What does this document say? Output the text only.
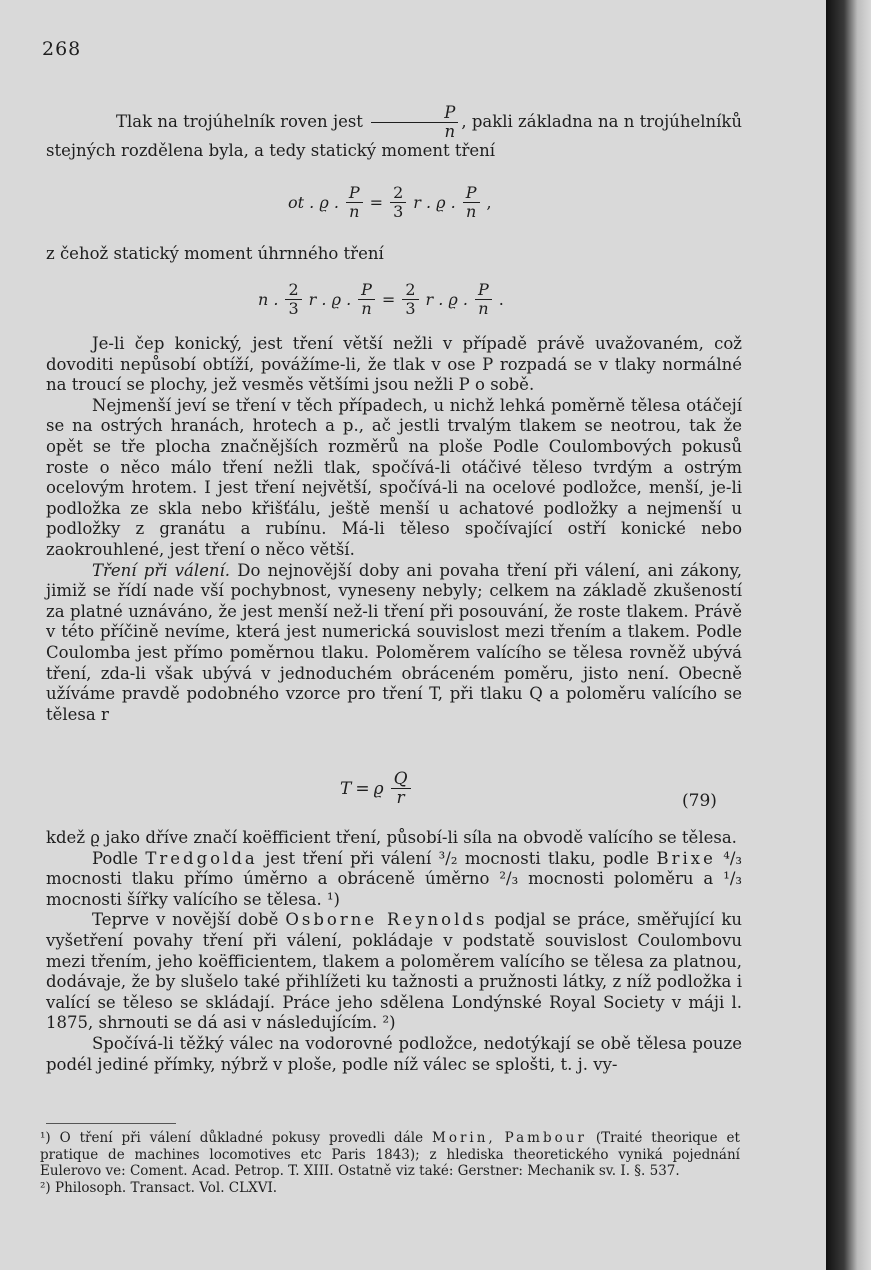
268

Tlak na trojúhelník roven jest $\frac{P}{n}$ , pakli základna na n trojúhelníků stejných rozdělena byla, a tedy statický moment tření

ot . ϱ . $\frac{P}{n} = \frac{2}{3}$ r . ϱ . $\frac{P}{n}$ ,

z čehož statický moment úhrnného tření

n . $\frac{2}{3}$ r . ϱ . $\frac{P}{n} = \frac{2}{3}$ r . ϱ . $\frac{P}{n}$ .

Je-li čep konický, jest tření větší nežli v případě právě uvažovaném, což dovoditi nepůsobí obtíží, povážíme-li, že tlak v ose P rozpadá se v tlaky normálné na troucí se plochy, jež vesměs většími jsou nežli P o sobě.

Nejmenší jeví se tření v těch případech, u nichž lehká poměrně tělesa otáčejí se na ostrých hranách, hrotech a p., ač jestli trvalým tlakem se neotrou, tak že opět se tře plocha značnějších rozměrů na ploše Podle Coulombových pokusů roste o něco málo tření nežli tlak, spočívá-li otáčivé těleso tvrdým a ostrým ocelovým hrotem. I jest tření největší, spočívá-li na ocelové podložce, menší, je-li podložka ze skla nebo křišťálu, ještě menší u achatové podložky a nejmenší u podložky z granátu a rubínu. Má-li těleso spočívající ostří konické nebo zaokrouhlené, jest tření o něco větší.

Tření při válení. Do nejnovější doby ani povaha tření při válení, ani zákony, jimiž se řídí nade vší pochybnost, vyneseny nebyly; celkem na základě zkušeností za platné uznáváno, že jest menší než-li tření při posouvání, že roste tlakem. Právě v této příčině nevíme, která jest numerická souvislost mezi třením a tlakem. Podle Coulomba jest přímo poměrnou tlaku. Poloměrem valícího se tělesa rovněž ubývá tření, zda-li však ubývá v jednoduchém obráceném poměru, jisto není. Obecně užíváme pravdě podobného vzorce pro tření T, při tlaku Q a poloměru valícího se tělesa r

T = ϱ $\frac{Q}{r}$	(79)

kdež ϱ jako dříve značí koëfficient tření, působí-li síla na obvodě valícího se tělesa.

Podle Tredgolda jest tření při válení ³/₂ mocnosti tlaku, podle Brixe ⁴/₃ mocnosti tlaku přímo úměrno a obráceně úměrno ²/₃ mocnosti poloměru a ¹/₃ mocnosti šířky valícího se tělesa. ¹)

Teprve v novější době Osborne Reynolds podjal se práce, směřující ku vyšetření povahy tření při válení, pokládaje v podstatě souvislost Coulombovu mezi třením, jeho koëfficientem, tlakem a poloměrem valícího se tělesa za platnou, dodávaje, že by slušelo také přihlížeti ku tažnosti a pružnosti látky, z níž podložka i valící se těleso se skládají. Práce jeho sdělena Londýnské Royal Society v máji l. 1875, shrnouti se dá asi v následujícím. ²)

Spočívá-li těžký válec na vodorovné podložce, nedotýkají se obě tělesa pouze podél jediné přímky, nýbrž v ploše, podle níž válec se splošti, t. j. vy-

¹) O tření při válení důkladné pokusy provedli dále Morin, Pambour (Traité theorique et pratique de machines locomotives etc Paris 1843); z hlediska theoretického vyniká pojednání Eulerovo ve: Coment. Acad. Petrop. T. XIII. Ostatně viz také: Gerstner: Mechanik sv. I. §. 537.

²) Philosoph. Transact. Vol. CLXVI.
